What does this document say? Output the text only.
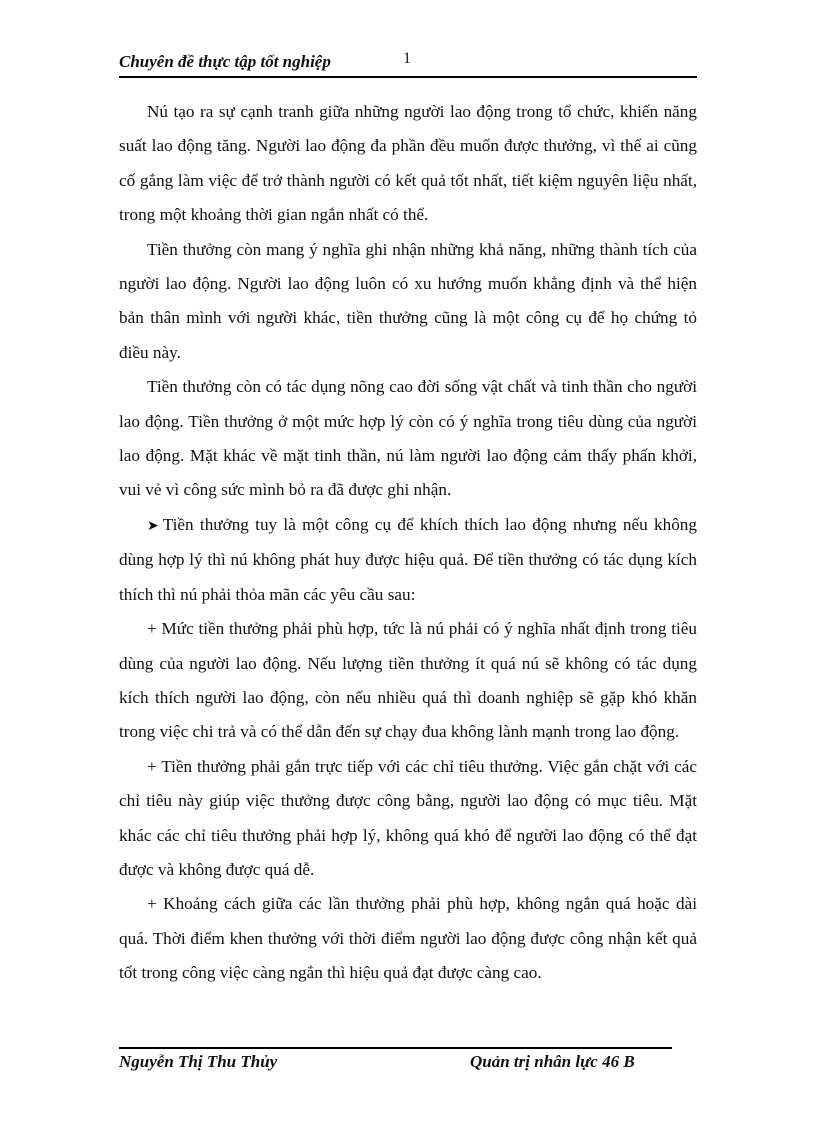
Chuyên đề thực tập tốt nghiệp	1

Nú tạo ra sự cạnh tranh giữa những người lao động trong tổ chức, khiến năng suất lao động tăng. Người lao động đa phần đều muốn được thưởng, vì thế ai cũng cố gắng làm việc để trở thành người có kết quả tốt nhất, tiết kiệm nguyên liệu nhất, trong một khoảng thời gian ngắn nhất có thể.

Tiền thưởng còn mang ý nghĩa ghi nhận những khả năng, những thành tích của người lao động. Người lao động luôn có xu hướng muốn khẳng định và thể hiện bản thân mình với người khác, tiền thưởng cũng là một công cụ để họ chứng tỏ điều này.

Tiền thưởng còn có tác dụng nõng cao đời sống vật chất và tinh thần cho người lao động. Tiền thưởng ở một mức hợp lý còn có ý nghĩa trong tiêu dùng của người lao động. Mặt khác về mặt tinh thần, nú làm người lao động cảm thấy phấn khởi, vui vẻ vì công sức mình bỏ ra đã được ghi nhận.

➤ Tiền thưởng tuy là một công cụ để khích thích lao động nhưng nếu không dùng hợp lý thì nú không phát huy được hiệu quả. Để tiền thưởng có tác dụng kích thích thì nú phải thỏa mãn các yêu cầu sau:

+ Mức tiền thưởng phải phù hợp, tức là nú phải có ý nghĩa nhất định trong tiêu dùng của người lao động. Nếu lượng tiền thưởng ít quá nú sẽ không có tác dụng kích thích người lao động, còn nếu nhiều quá thì doanh nghiệp sẽ gặp khó khăn trong việc chi trả và có thể dẫn đến sự chạy đua không lành mạnh trong lao động.

+ Tiền thưởng phải gắn trực tiếp với các chỉ tiêu thưởng. Việc gắn chặt với các chỉ tiêu này giúp việc thưởng được công bằng, người lao động có mục tiêu. Mặt khác các chỉ tiêu thưởng phải hợp lý, không quá khó để người lao động có thể đạt được và không được quá dễ.

+ Khoảng cách giữa các lần thưởng phải phù hợp, không ngắn quá hoặc dài quá. Thời điểm khen thưởng với thời điểm người lao động được công nhận kết quả tốt trong công việc càng ngắn thì hiệu quả đạt được càng cao.

Nguyễn Thị Thu Thủy	Quản trị nhân lực 46 B
